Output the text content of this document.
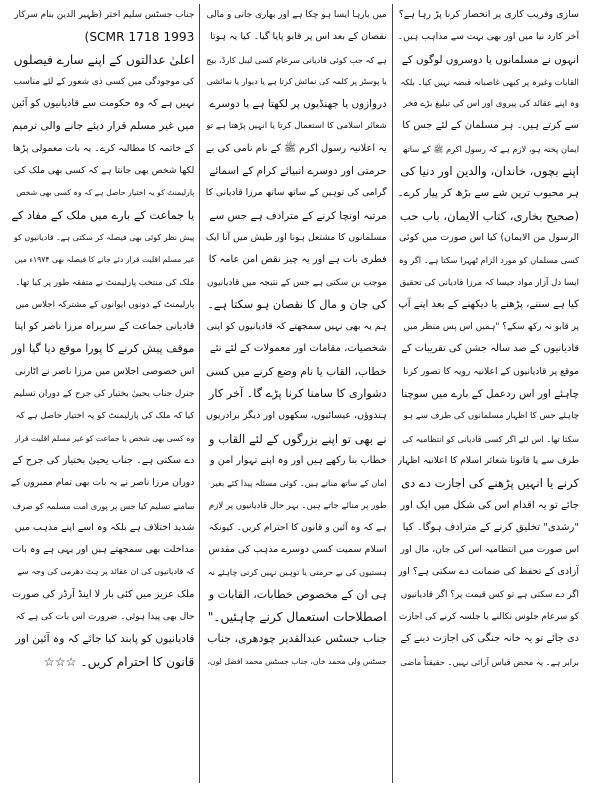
سازی وفریب کاری پر انحصار کرنا پڑ رہا ہے؟
آخر کارد نیا میں اور بھی بہت سے مذاہب ہیں۔
انہوں نے مسلمانوں یا دوسروں لوگوں کے
القابات وغیرہ پر کبھی غاصبانہ قبضہ نہیں کیا۔ بلکہ
وہ اپنے عقائد کی پیروی اور اس کی تبلیغ بڑے فخر
سے کرتے ہیں۔ ہر مسلمان کے لئے جس کا
ایمان پختہ ہو، لازم ہے کہ رسول اکرم ﷺ کے ساتھ
اپنے بچوں، خاندان، والدین اور دنیا کی
ہر محبوب ترین شے سے بڑھ کر پیار کرے۔
(صحیح بخاری، کتاب الایمان، باب حب
الرسول من الایمان) کیا اس صورت میں کوئی
کسی مسلمان کو مورد الزام ٹھہرا سکتا ہے۔ اگر وہ
ایسا دل آزار مواد جیسا کہ مرزا قادیانی کی تحقیق
کیا ہے سننے، پڑھنے یا دیکھنے کے بعد اپنے آپ
پر قابو نہ رکھ سکے؟ "ہمیں اس پس منظر میں
قادیانیوں کے صد سالہ جشن کی تقریبات کے
موقع پر قادیانیوں کے اعلانیہ رویہ کا تصور کرنا
چاہئے اور اس ردعمل کے بارے میں سوچنا
چاہئے جس کا اظہار مسلمانوں کی طرف سے ہو
سکتا تھا۔ اس لئے اگر کسی قادیانی کو انتظامیہ کی
طرف سے یا قانونا شعائر اسلام کا اعلانیہ اظہار
کرنے یا انہیں پڑھنے کی اجازت دے دی
جائے تو یہ اقدام اس کی شکل میں ایک اور
"رشدی" تخلیق کرنے کے مترادف ہوگا۔ کیا
اس صورت میں انتظامیہ اس کی جان، مال اور
آزادی کے تحفظ کی ضمانت دے سکتی ہے؟ اور
اگر دے سکتی ہے تو کس قیمت پر؟ اگر قادیانیوں
کو سرعام جلوس نکالنے یا جلسہ کرنے کی اجازت
دی جائے تو یہ خانہ جنگی کی اجازت دینے کے
برابر ہے۔ یہ محض قیاس آرائی نہیں۔ حقیقتاً ماضی
میں بارہا ایسا ہو چکا ہے اور بھاری جانی و مالی
نقصان کے بعد اس پر قابو پایا گیا۔ کیا یہ ہوتا
ہے کہ جب کوئی قادیانی سرعام کسی لیبل کارڈ، بیج
یا پوسٹر پر کلمہ کی نمائش کرتا ہے یا دیوار یا نمائشی
دروازوں یا جھنڈیوں پر لکھتا ہے یا دوسرے
شعائر اسلامی کا استعمال کرتا یا انہیں پڑھتا ہے تو
یہ اعلانیہ رسول اکرم ﷺ کے نام نامی کی بے
حرمتی اور دوسرے انبیائے کرام کے اسمائے
گرامی کی توہین کے ساتھ ساتھ مرزا قادیانی کا
مرتبہ اونچا کرنے کے مترادف ہے جس سے
مسلمانوں کا مشتعل ہونا اور طیش میں آنا ایک
فطری بات ہے اور یہ چیز نقض امن عامہ کا
موجب بن سکتی ہے جس کے نتیجہ میں قادیانیوں
کی جان و مال کا نقصان ہو سکتا ہے۔
ہم یہ بھی نہیں سمجھتے کہ قادیانیوں کو اپنی
شخصیات، مقامات اور معمولات کے لئے نئے
خطاب، القاب یا نام وضع کرنے میں کسی
دشواری کا سامنا کرنا پڑے گا۔ آخر کار
ہندوؤں، عیسائیوں، سکھوں اور دیگر برادریوں
نے بھی تو اپنے بزرگوں کے لئے القاب و
خطاب بنا رکھے ہیں اور وہ اپنے تہوار امن و
امان کے ساتھ مناتے ہیں۔ کوئی مسئلہ پیدا کئے بغیر
طور پر منائے جاتے ہیں۔ بہر حال قادیانیوں پر لازم
ہے کہ وہ آئین و قانون کا احترام کریں۔ کیونکہ
اسلام سمیت کسی دوسرے مذہب کی مقدس
ہستیوں کی بے حرمتی یا توہین نہیں کرنی چاہئے نہ
ہی ان کے مخصوص خطابات، القابات و
اصطلاحات استعمال کرنے چاہئیں۔"
جناب جسٹس عبدالقدیر چودھری، جناب
جسٹس ولی محمد خاں، جناب جسٹس محمد افضل لون،
جناب جسٹس سلیم اختر (ظہیر الدین بنام سرکار
1993 SCMR 1718)
اعلیٰ عدالتوں کے اپنے سارے فیصلوں
کی موجودگی میں کسی ذی شعور کے لئے مناسب
نہیں ہے کہ وہ حکومت سے قادیانیوں کو آئین
میں غیر مسلم قرار دیئے جانے والی ترمیم
کے خاتمہ کا مطالبہ کرے۔ یہ بات معمولی پڑھا
لکھا شخص بھی جانتا ہے کہ کسی بھی ملک کی
پارلیمنٹ کو یہ اختیار حاصل ہے کہ وہ کسی بھی شخص
یا جماعت کے بارے میں ملک کے مفاد کے
پیش نظر کوئی بھی فیصلہ کر سکتی ہے۔ قادیانیوں کو
غیر مسلم اقلیت قرار دئے جانے کا فیصلہ بھی ۱۹۷۴ء میں
ملک کی منتخب پارلیمنٹ نے متفقہ طور پر کیا تھا۔
پارلیمنٹ کے دونوں ایوانوں کے مشترکہ اجلاس میں
قادیانی جماعت کے سربراہ مرزا ناصر کو اپنا
موقف پیش کرنے کا پورا موقع دیا گیا اور
اس خصوصی اجلاس میں مرزا ناصر نے اٹارنی
جنرل جناب یحییٰ بختیار کی جرح کے دوران تسلیم
کیا کہ ملک کی پارلیمنٹ کو یہ اختیار حاصل ہے کہ
وہ کسی بھی شخص یا جماعت کو غیر مسلم اقلیت قرار
دے سکتی ہے۔ جناب یحییٰ بختیار کی جرح کے
دوران مرزا ناصر نے یہ بات بھی تمام ممبروں کے
سامنے تسلیم کیا جس پر پوری امت مسلمہ کو صرف
شدید اختلاف ہے بلکہ وہ اسے اپنے مذہب میں
مداخلت بھی سمجھتے ہیں اور یہی ہے وہ بات
کہ قادیانیوں کی ان عقائد پر ہٹ دھرمی کی وجہ سے
ملک عزیز میں کئی بار لا اینڈ آرڈر کی صورت
حال بھی پیدا ہوئی۔ ضرورت اس بات کی ہے کہ
قادیانیوں کو پابند کیا جائے کہ وہ آئین اور
قانون کا احترام کریں۔ ☆☆☆
